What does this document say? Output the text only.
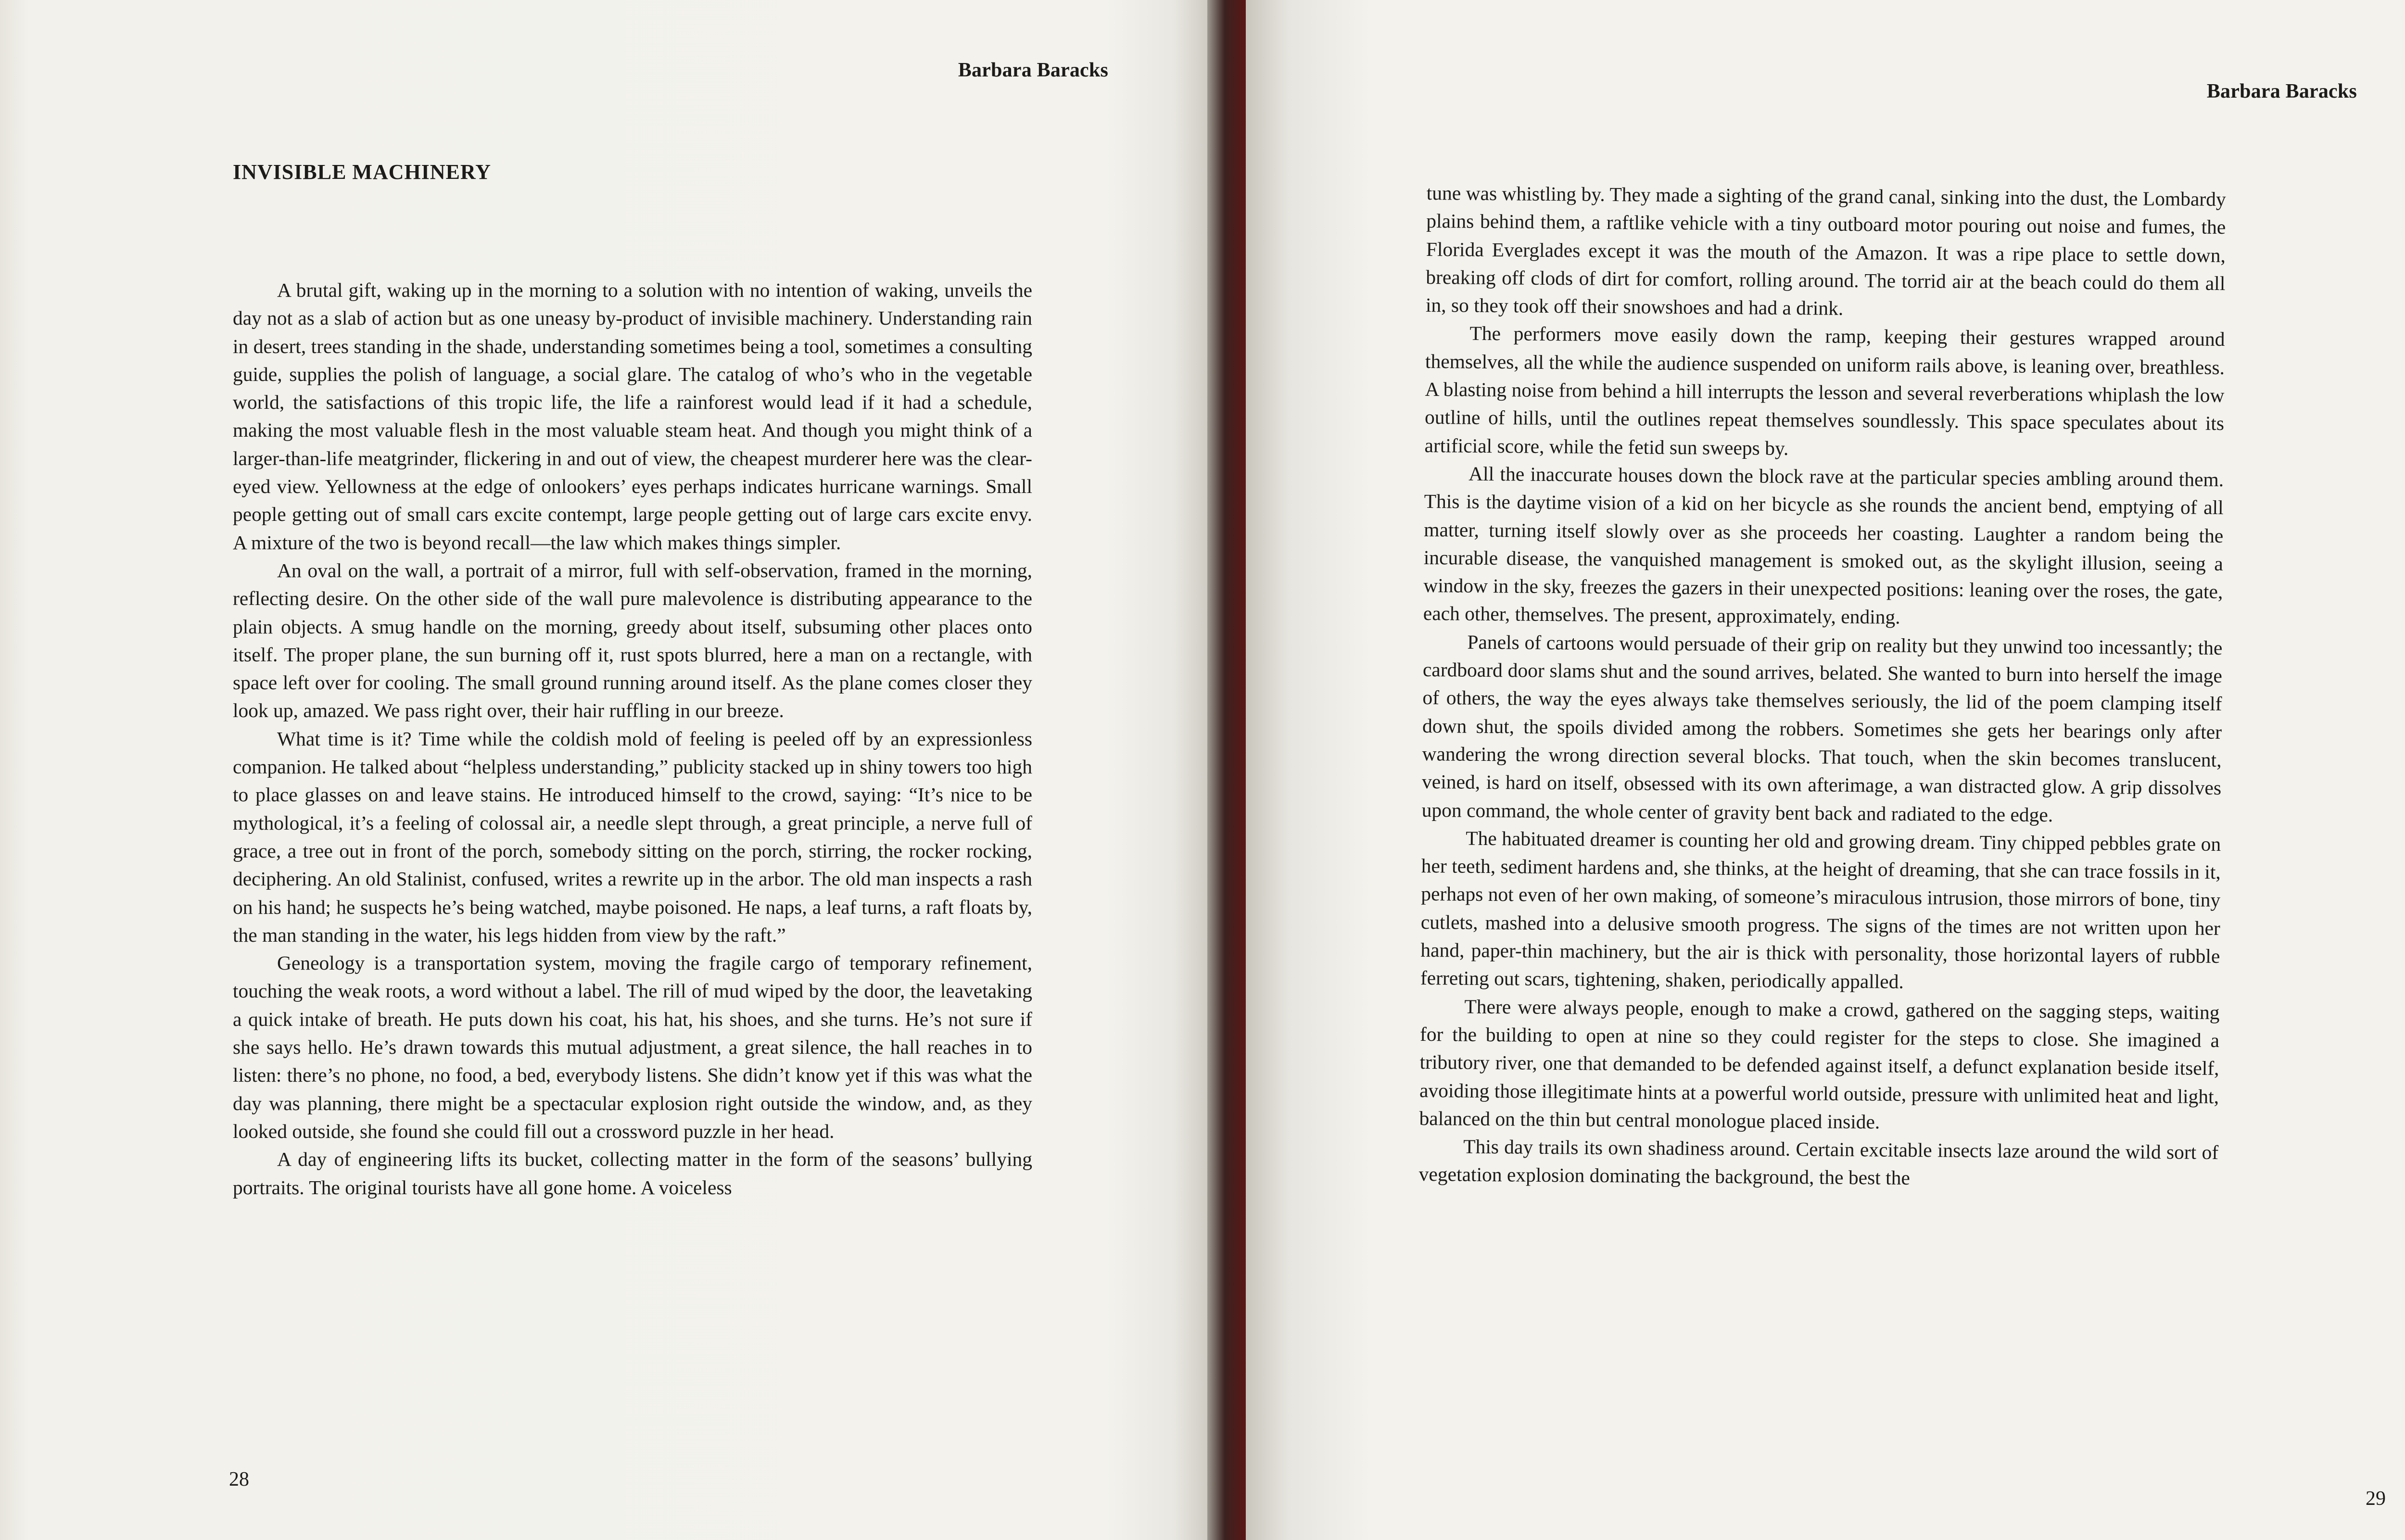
Barbara Baracks
INVISIBLE MACHINERY

A brutal gift, waking up in the morning to a solution with no intention of waking, unveils the day not as a slab of action but as one uneasy by-product of invisible machinery. Understanding rain in desert, trees standing in the shade, understanding sometimes being a tool, sometimes a consulting guide, supplies the polish of language, a social glare. The catalog of who’s who in the vegetable world, the satisfactions of this tropic life, the life a rainforest would lead if it had a schedule, making the most valuable flesh in the most valuable steam heat. And though you might think of a larger-than-life meatgrinder, flickering in and out of view, the cheapest murderer here was the clear-eyed view. Yellowness at the edge of onlookers’ eyes perhaps indicates hurricane warnings. Small people getting out of small cars excite contempt, large people getting out of large cars excite envy. A mixture of the two is beyond recall—the law which makes things simpler.

An oval on the wall, a portrait of a mirror, full with self-observation, framed in the morning, reflecting desire. On the other side of the wall pure malevolence is distributing appearance to the plain objects. A smug handle on the morning, greedy about itself, subsuming other places onto itself. The proper plane, the sun burning off it, rust spots blurred, here a man on a rectangle, with space left over for cooling. The small ground running around itself. As the plane comes closer they look up, amazed. We pass right over, their hair ruffling in our breeze.

What time is it? Time while the coldish mold of feeling is peeled off by an expressionless companion. He talked about “helpless understanding,” publicity stacked up in shiny towers too high to place glasses on and leave stains. He introduced himself to the crowd, saying: “It’s nice to be mythological, it’s a feeling of colossal air, a needle slept through, a great principle, a nerve full of grace, a tree out in front of the porch, somebody sitting on the porch, stirring, the rocker rocking, deciphering. An old Stalinist, confused, writes a rewrite up in the arbor. The old man inspects a rash on his hand; he suspects he’s being watched, maybe poisoned. He naps, a leaf turns, a raft floats by, the man standing in the water, his legs hidden from view by the raft.”

Geneology is a transportation system, moving the fragile cargo of temporary refinement, touching the weak roots, a word without a label. The rill of mud wiped by the door, the leavetaking a quick intake of breath. He puts down his coat, his hat, his shoes, and she turns. He’s not sure if she says hello. He’s drawn towards this mutual adjustment, a great silence, the hall reaches in to listen: there’s no phone, no food, a bed, everybody listens. She didn’t know yet if this was what the day was planning, there might be a spectacular explosion right outside the window, and, as they looked outside, she found she could fill out a crossword puzzle in her head.

A day of engineering lifts its bucket, collecting matter in the form of the seasons’ bullying portraits. The original tourists have all gone home. A voiceless

28
Barbara Baracks

tune was whistling by. They made a sighting of the grand canal, sinking into the dust, the Lombardy plains behind them, a raftlike vehicle with a tiny outboard motor pouring out noise and fumes, the Florida Everglades except it was the mouth of the Amazon. It was a ripe place to settle down, breaking off clods of dirt for comfort, rolling around. The torrid air at the beach could do them all in, so they took off their snowshoes and had a drink.

The performers move easily down the ramp, keeping their gestures wrapped around themselves, all the while the audience suspended on uniform rails above, is leaning over, breathless. A blasting noise from behind a hill interrupts the lesson and several reverberations whiplash the low outline of hills, until the outlines repeat themselves soundlessly. This space speculates about its artificial score, while the fetid sun sweeps by.

All the inaccurate houses down the block rave at the particular species ambling around them. This is the daytime vision of a kid on her bicycle as she rounds the ancient bend, emptying of all matter, turning itself slowly over as she proceeds her coasting. Laughter a random being the incurable disease, the vanquished management is smoked out, as the skylight illusion, seeing a window in the sky, freezes the gazers in their unexpected positions: leaning over the roses, the gate, each other, themselves. The present, approximately, ending.

Panels of cartoons would persuade of their grip on reality but they unwind too incessantly; the cardboard door slams shut and the sound arrives, belated. She wanted to burn into herself the image of others, the way the eyes always take themselves seriously, the lid of the poem clamping itself down shut, the spoils divided among the robbers. Sometimes she gets her bearings only after wandering the wrong direction several blocks. That touch, when the skin becomes translucent, veined, is hard on itself, obsessed with its own afterimage, a wan distracted glow. A grip dissolves upon command, the whole center of gravity bent back and radiated to the edge.

The habituated dreamer is counting her old and growing dream. Tiny chipped pebbles grate on her teeth, sediment hardens and, she thinks, at the height of dreaming, that she can trace fossils in it, perhaps not even of her own making, of someone’s miraculous intrusion, those mirrors of bone, tiny cutlets, mashed into a delusive smooth progress. The signs of the times are not written upon her hand, paper-thin machinery, but the air is thick with personality, those horizontal layers of rubble ferreting out scars, tightening, shaken, periodically appalled.

There were always people, enough to make a crowd, gathered on the sagging steps, waiting for the building to open at nine so they could register for the steps to close. She imagined a tributory river, one that demanded to be defended against itself, a defunct explanation beside itself, avoiding those illegitimate hints at a powerful world outside, pressure with unlimited heat and light, balanced on the thin but central monologue placed inside.

This day trails its own shadiness around. Certain excitable insects laze around the wild sort of vegetation explosion dominating the background, the best the

29
